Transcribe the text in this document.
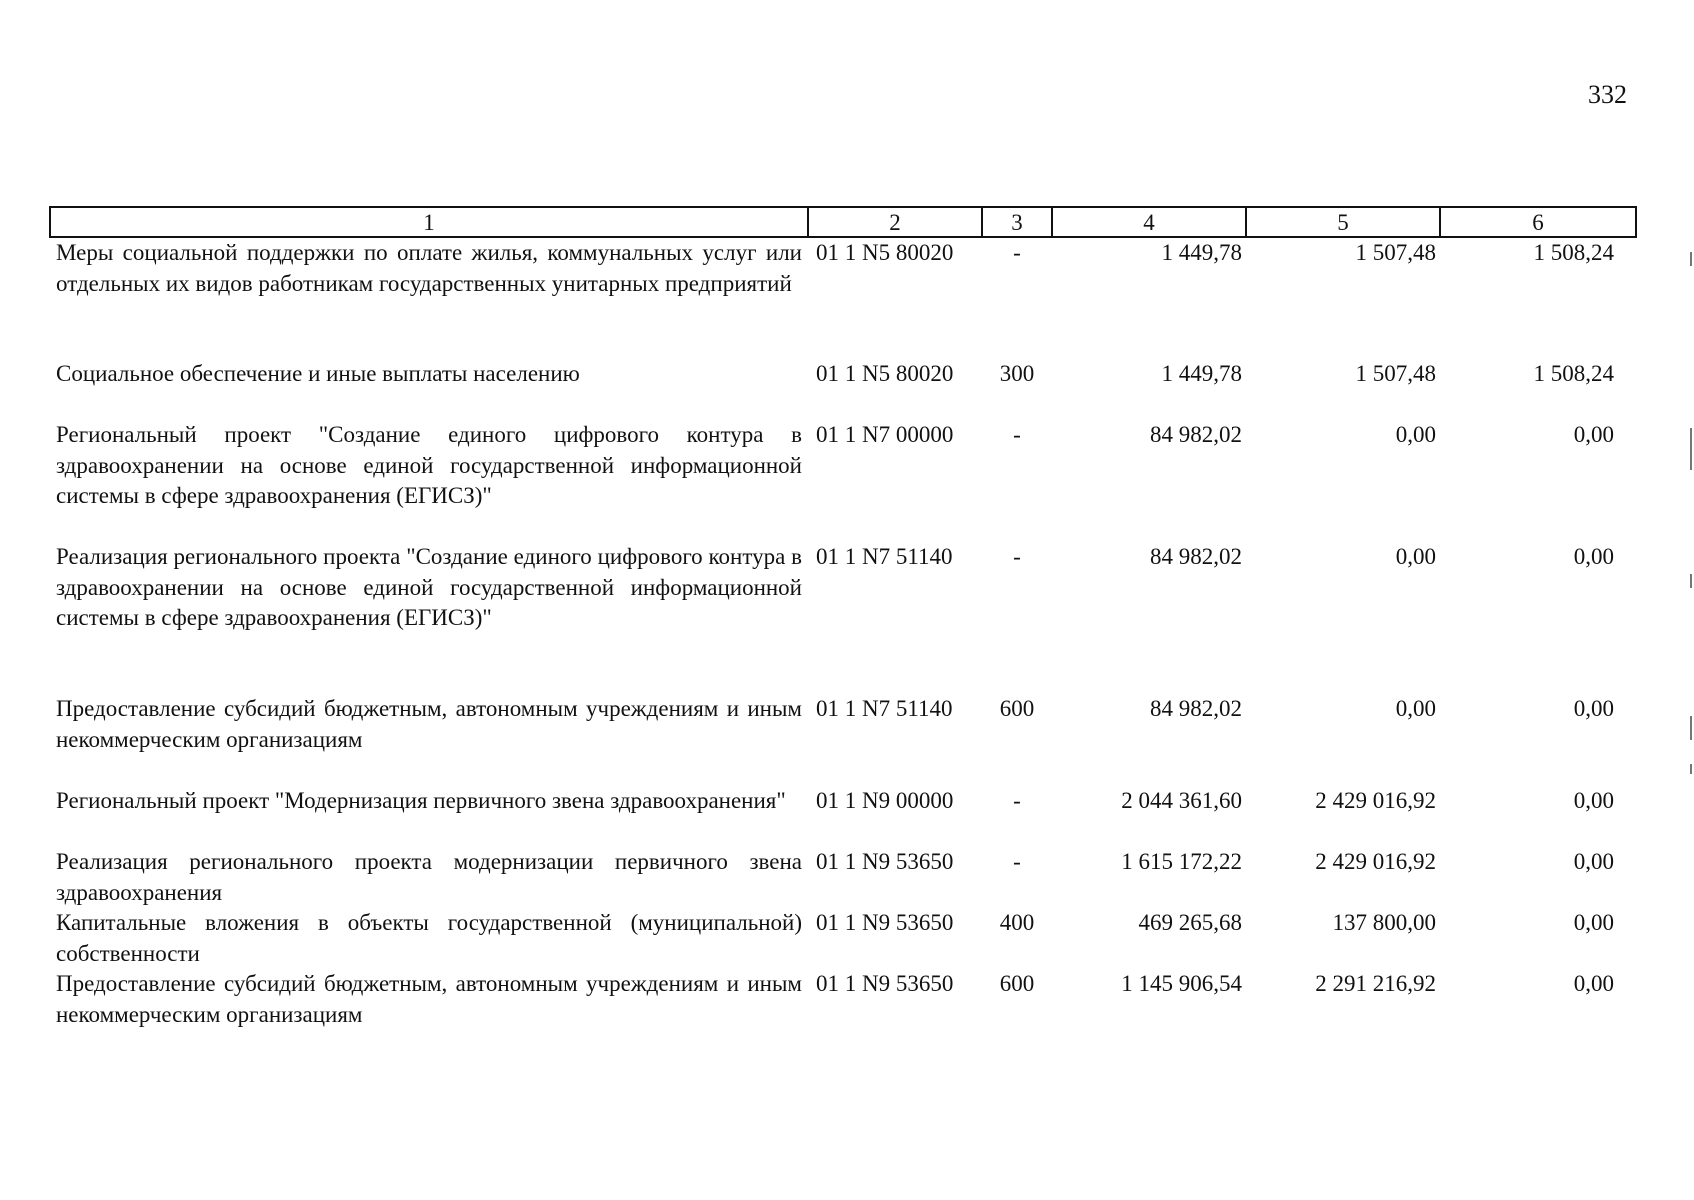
332
1	2	3	4	5	6
Меры социальной поддержки по оплате жилья, коммунальных услуг или отдельных их видов работникам государственных унитарных предприятий	01 1 N5 80020	-	1 449,78	1 507,48	1 508,24
Социальное обеспечение и иные выплаты населению	01 1 N5 80020	300	1 449,78	1 507,48	1 508,24
Региональный проект "Создание единого цифрового контура в здравоохранении на основе единой государственной информационной системы в сфере здравоохранения (ЕГИСЗ)"	01 1 N7 00000	-	84 982,02	0,00	0,00
Реализация регионального проекта "Создание единого цифрового контура в здравоохранении на основе единой государственной информационной системы в сфере здравоохранения (ЕГИСЗ)"	01 1 N7 51140	-	84 982,02	0,00	0,00
Предоставление субсидий бюджетным, автономным учреждениям и иным некоммерческим организациям	01 1 N7 51140	600	84 982,02	0,00	0,00
Региональный проект "Модернизация первичного звена здравоохранения"	01 1 N9 00000	-	2 044 361,60	2 429 016,92	0,00
Реализация регионального проекта модернизации первичного звена здравоохранения	01 1 N9 53650	-	1 615 172,22	2 429 016,92	0,00
Капитальные вложения в объекты государственной (муниципальной) собственности	01 1 N9 53650	400	469 265,68	137 800,00	0,00
Предоставление субсидий бюджетным, автономным учреждениям и иным некоммерческим организациям	01 1 N9 53650	600	1 145 906,54	2 291 216,92	0,00
